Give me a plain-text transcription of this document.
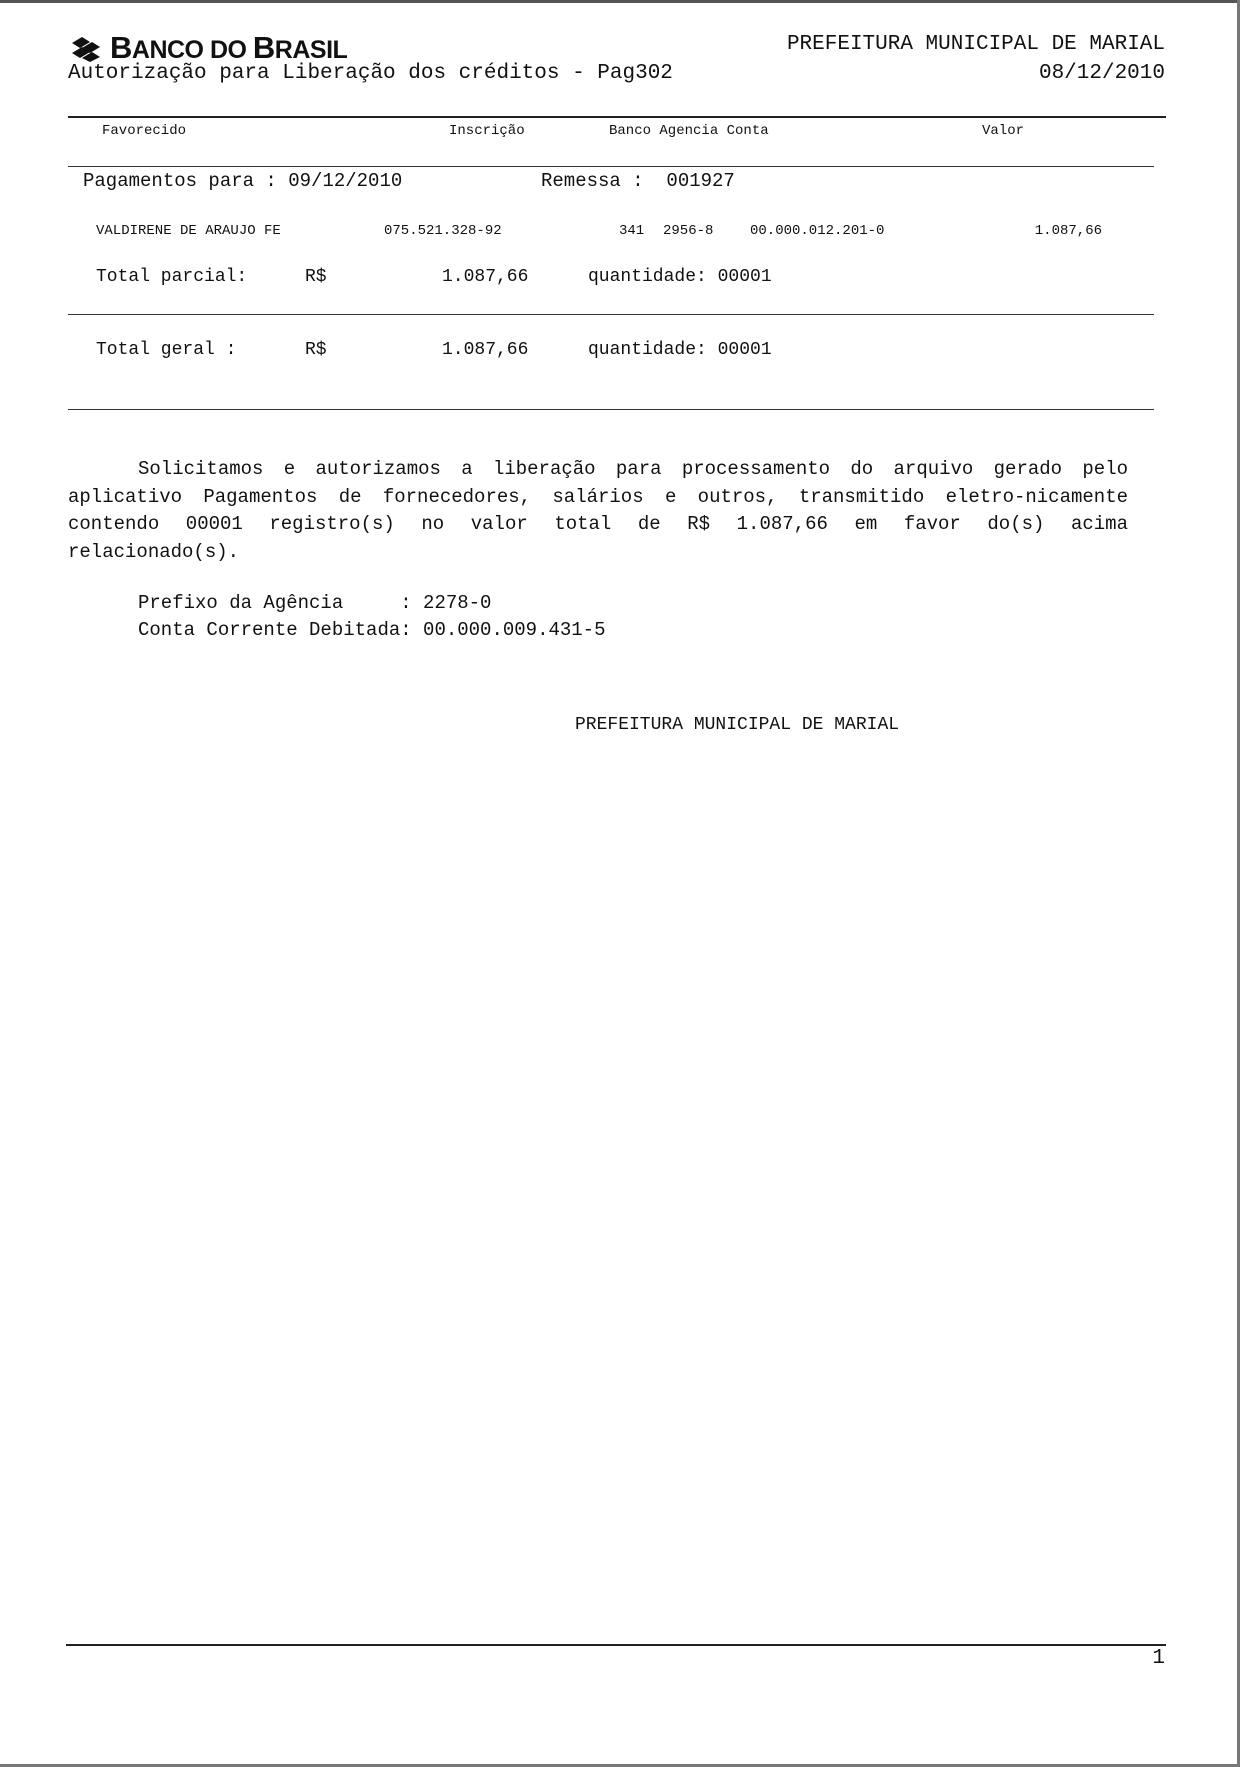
BANCO DO BRASIL
Autorização para Liberação dos créditos - Pag302
PREFEITURA MUNICIPAL DE MARIAL
08/12/2010
Favorecido	Inscrição	Banco Agencia Conta	Valor
Pagamentos para : 09/12/2010	Remessa :  001927
VALDIRENE DE ARAUJO FE	075.521.328-92	341 2956-8	00.000.012.201-0	1.087,66
Total parcial:	R$	1.087,66	quantidade: 00001
Total geral :	R$	1.087,66	quantidade: 00001
Solicitamos e autorizamos a liberação para processamento do arquivo gerado pelo aplicativo Pagamentos de fornecedores, salários e outros, transmitido eletro-nicamente contendo 00001 registro(s) no valor total de R$ 1.087,66 em favor do(s) acima relacionado(s).
Prefixo da Agência     : 2278-0
Conta Corrente Debitada: 00.000.009.431-5
PREFEITURA MUNICIPAL DE MARIAL
1
